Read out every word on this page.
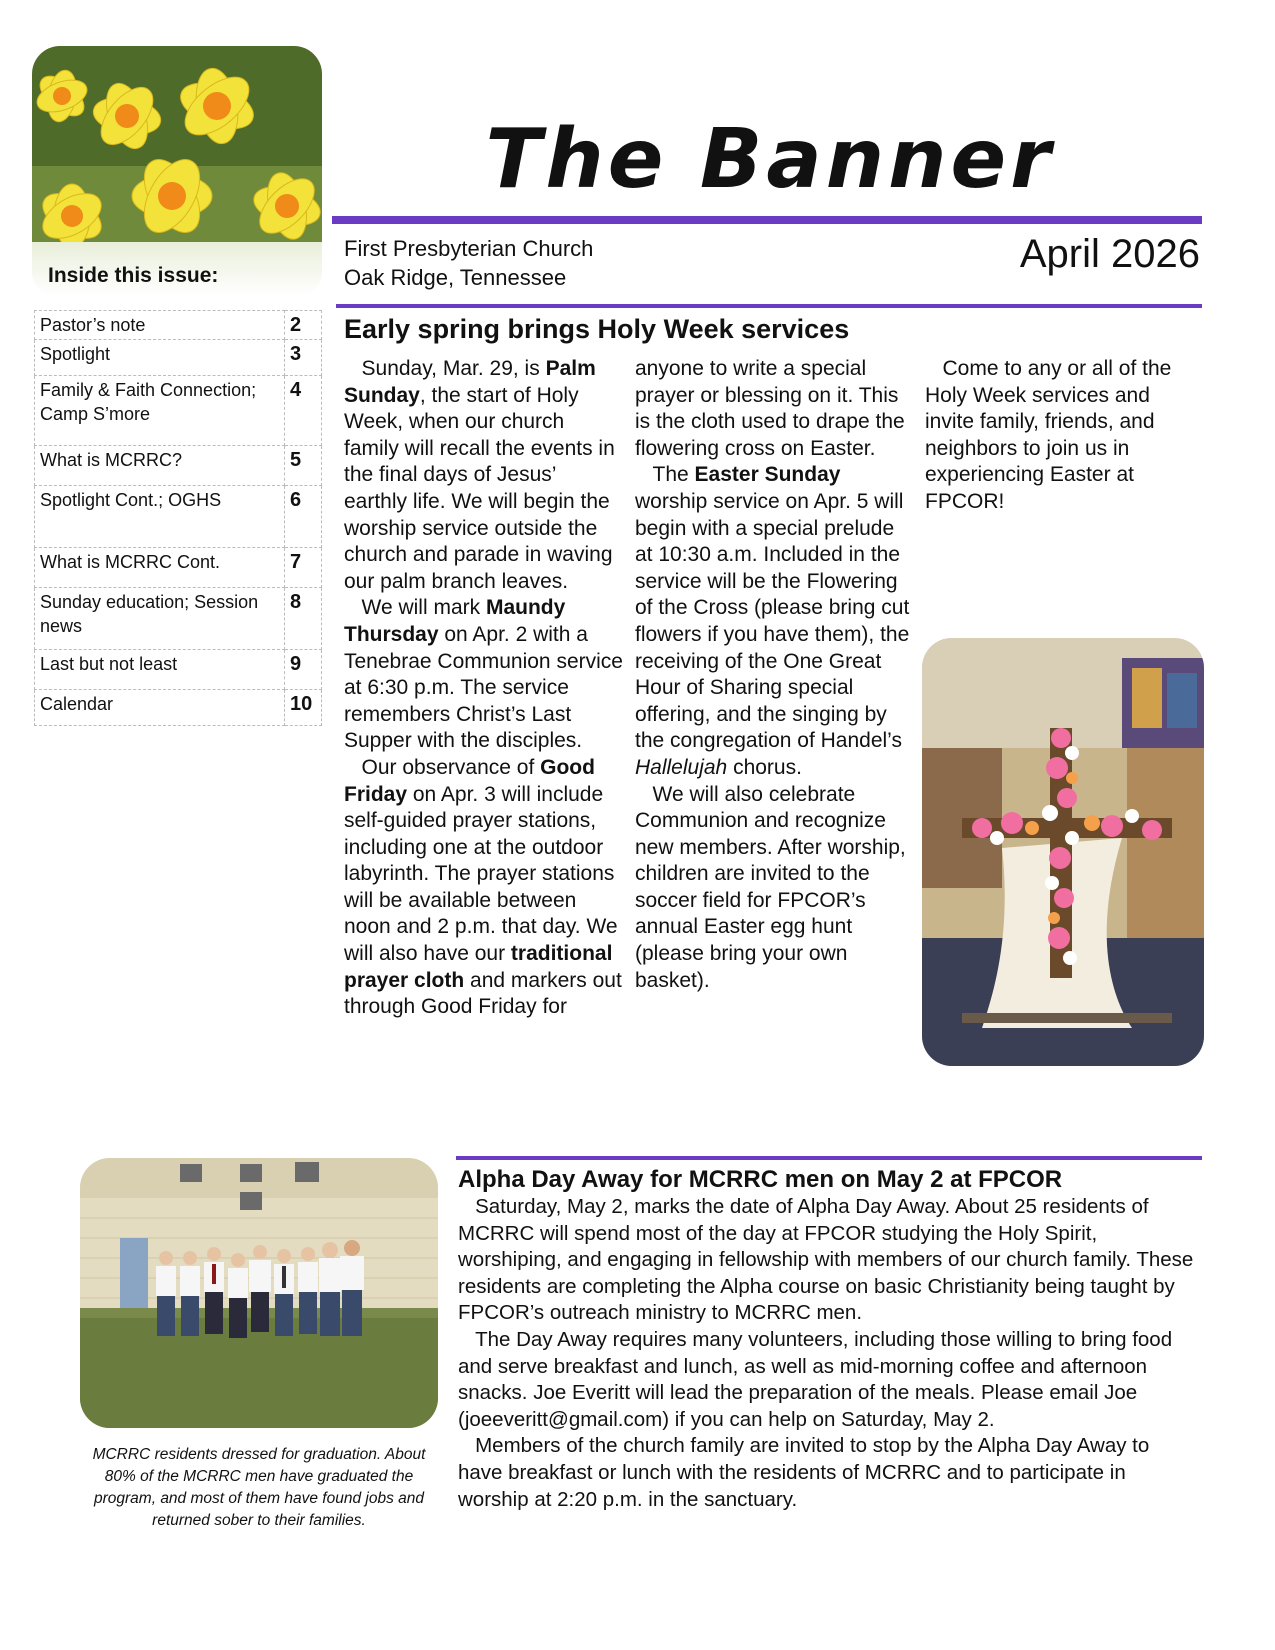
Inside this issue:
Pastor’s note	2
Spotlight	3
Family & Faith Connection; Camp S’more	4
What is MCRRC?	5
Spotlight Cont.; OGHS	6
What is MCRRC Cont.	7
Sunday education; Session news	8
Last but not least	9
Calendar	10
The Banner
First Presbyterian Church
Oak Ridge, Tennessee
April 2026
Early spring brings Holy Week services

Sunday, Mar. 29, is Palm Sunday, the start of Holy Week, when our church family will recall the events in the final days of Jesus’ earthly life. We will begin the worship service outside the church and parade in waving our palm branch leaves.

We will mark Maundy Thursday on Apr. 2 with a Tenebrae Communion service at 6:30 p.m. The service remembers Christ’s Last Supper with the disciples.

Our observance of Good Friday on Apr. 3 will include self-guided prayer stations, including one at the outdoor labyrinth. The prayer stations will be available between noon and 2 p.m. that day. We will also have our traditional prayer cloth and markers out through Good Friday for

anyone to write a special prayer or blessing on it. This is the cloth used to drape the flowering cross on Easter.

The Easter Sunday worship service on Apr. 5 will begin with a special prelude at 10:30 a.m. Included in the service will be the Flowering of the Cross (please bring cut flowers if you have them), the receiving of the One Great Hour of Sharing special offering, and the singing by the congregation of Handel’s Hallelujah chorus.

We will also celebrate Communion and recognize new members. After worship, children are invited to the soccer field for FPCOR’s annual Easter egg hunt (please bring your own basket).

Come to any or all of the Holy Week services and invite family, friends, and neighbors to join us in experiencing Easter at FPCOR!

MCRRC residents dressed for graduation. About 80% of the MCRRC men have graduated the program, and most of them have found jobs and returned sober to their families.
Alpha Day Away for MCRRC men on May 2 at FPCOR

Saturday, May 2, marks the date of Alpha Day Away. About 25 residents of MCRRC will spend most of the day at FPCOR studying the Holy Spirit, worshiping, and engaging in fellowship with members of our church family. These residents are completing the Alpha course on basic Christianity being taught by FPCOR’s outreach ministry to MCRRC men.

The Day Away requires many volunteers, including those willing to bring food and serve breakfast and lunch, as well as mid-morning coffee and afternoon snacks. Joe Everitt will lead the preparation of the meals. Please email Joe (joeeveritt@gmail.com) if you can help on Saturday, May 2.

Members of the church family are invited to stop by the Alpha Day Away to have breakfast or lunch with the residents of MCRRC and to participate in worship at 2:20 p.m. in the sanctuary.
